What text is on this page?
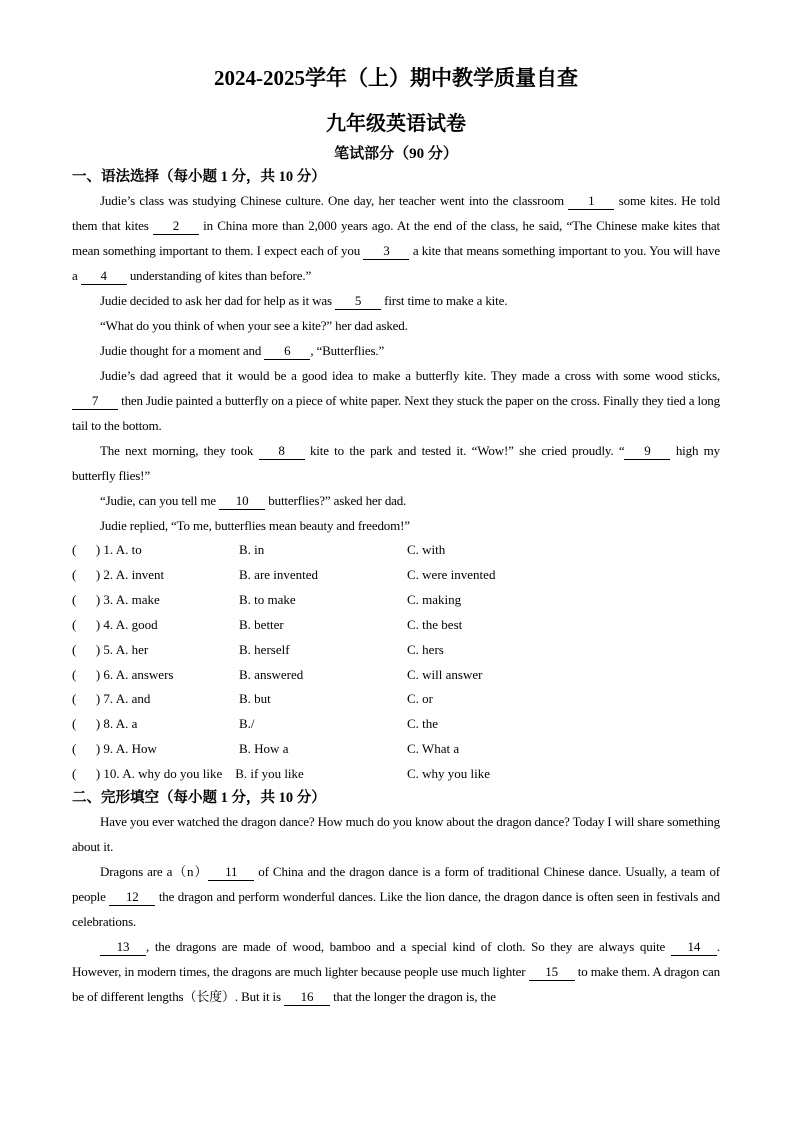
2024-2025学年（上）期中教学质量自查
九年级英语试卷
笔试部分（90 分）
一、语法选择（每小题 1 分，共 10 分）

Judie’s class was studying Chinese culture. One day, her teacher went into the classroom 1 some kites. He told them that kites 2 in China more than 2,000 years ago. At the end of the class, he said, “The Chinese make kites that mean something important to them. I expect each of you 3 a kite that means something important to you. You will have a 4 understanding of kites than before.”

Judie decided to ask her dad for help as it was 5 first time to make a kite.

“What do you think of when your see a kite?” her dad asked.

Judie thought for a moment and 6 , “Butterflies.”

Judie’s dad agreed that it would be a good idea to make a butterfly kite. They made a cross with some wood sticks, 7 then Judie painted a butterfly on a piece of white paper. Next they stuck the paper on the cross. Finally they tied a long tail to the bottom.

The next morning, they took 8 kite to the park and tested it. “Wow!” she cried proudly. “ 9 high my butterfly flies!”

“Judie, can you tell me 10 butterflies?” asked her dad.

Judie replied, “To me, butterflies mean beauty and freedom!”

(      ) 1. A. to	B. in	C. with
(      ) 2. A. invent	B. are invented	C. were invented
(      ) 3. A. make	B. to make	C. making
(      ) 4. A. good	B. better	C. the best
(      ) 5. A. her	B. herself	C. hers
(      ) 6. A. answers	B. answered	C. will answer
(      ) 7. A. and	B. but	C. or
(      ) 8. A. a	B./	C. the
(      ) 9. A. How	B. How a	C. What a
(      ) 10. A. why do you like    B. if you like	C. why you like
二、完形填空（每小题 1 分，共 10 分）

Have you ever watched the dragon dance? How much do you know about the dragon dance? Today I will share something about it.

Dragons are a（n） 11 of China and the dragon dance is a form of traditional Chinese dance. Usually, a team of people 12 the dragon and perform wonderful dances. Like the lion dance, the dragon dance is often seen in festivals and celebrations.

13 , the dragons are made of wood, bamboo and a special kind of cloth. So they are always quite 14 . However, in modern times, the dragons are much lighter because people use much lighter 15 to make them. A dragon can be of different lengths（长度）. But it is 16 that the longer the dragon is, the
